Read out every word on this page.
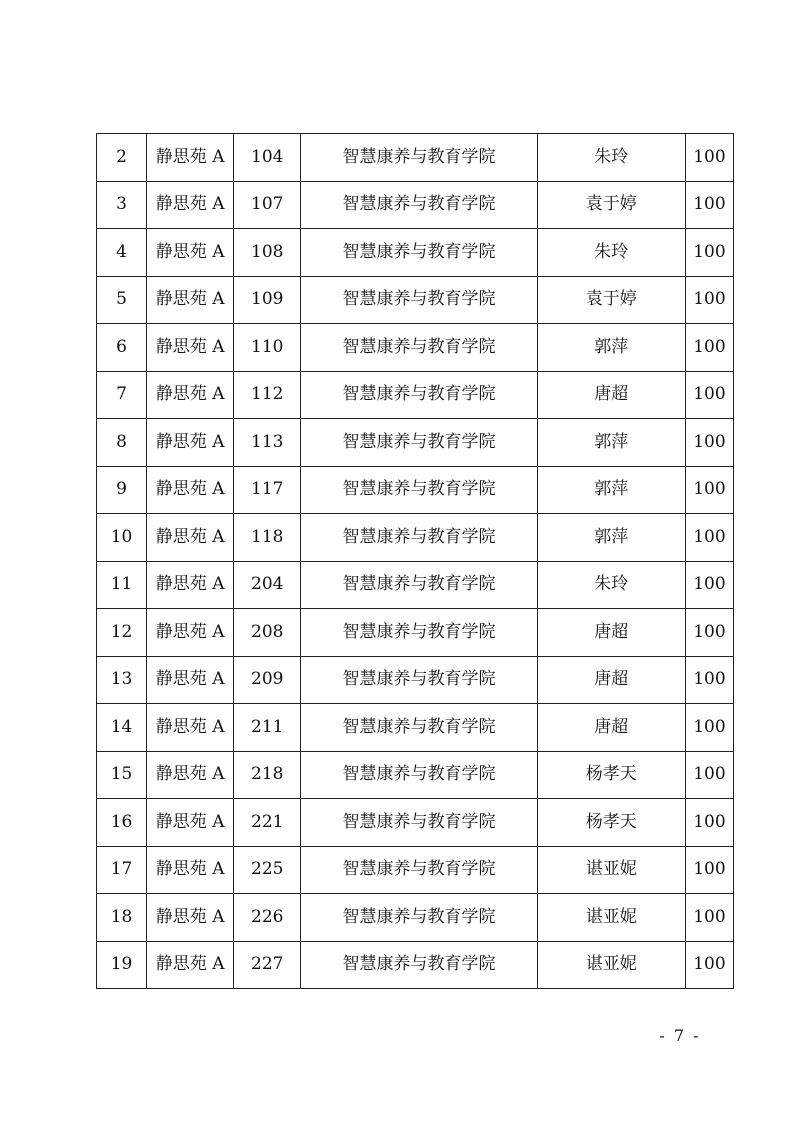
2	静思苑 A	104	智慧康养与教育学院	朱玲	100
3	静思苑 A	107	智慧康养与教育学院	袁于婷	100
4	静思苑 A	108	智慧康养与教育学院	朱玲	100
5	静思苑 A	109	智慧康养与教育学院	袁于婷	100
6	静思苑 A	110	智慧康养与教育学院	郭萍	100
7	静思苑 A	112	智慧康养与教育学院	唐超	100
8	静思苑 A	113	智慧康养与教育学院	郭萍	100
9	静思苑 A	117	智慧康养与教育学院	郭萍	100
10	静思苑 A	118	智慧康养与教育学院	郭萍	100
11	静思苑 A	204	智慧康养与教育学院	朱玲	100
12	静思苑 A	208	智慧康养与教育学院	唐超	100
13	静思苑 A	209	智慧康养与教育学院	唐超	100
14	静思苑 A	211	智慧康养与教育学院	唐超	100
15	静思苑 A	218	智慧康养与教育学院	杨孝天	100
16	静思苑 A	221	智慧康养与教育学院	杨孝天	100
17	静思苑 A	225	智慧康养与教育学院	谌亚妮	100
18	静思苑 A	226	智慧康养与教育学院	谌亚妮	100
19	静思苑 A	227	智慧康养与教育学院	谌亚妮	100
- 7 -
